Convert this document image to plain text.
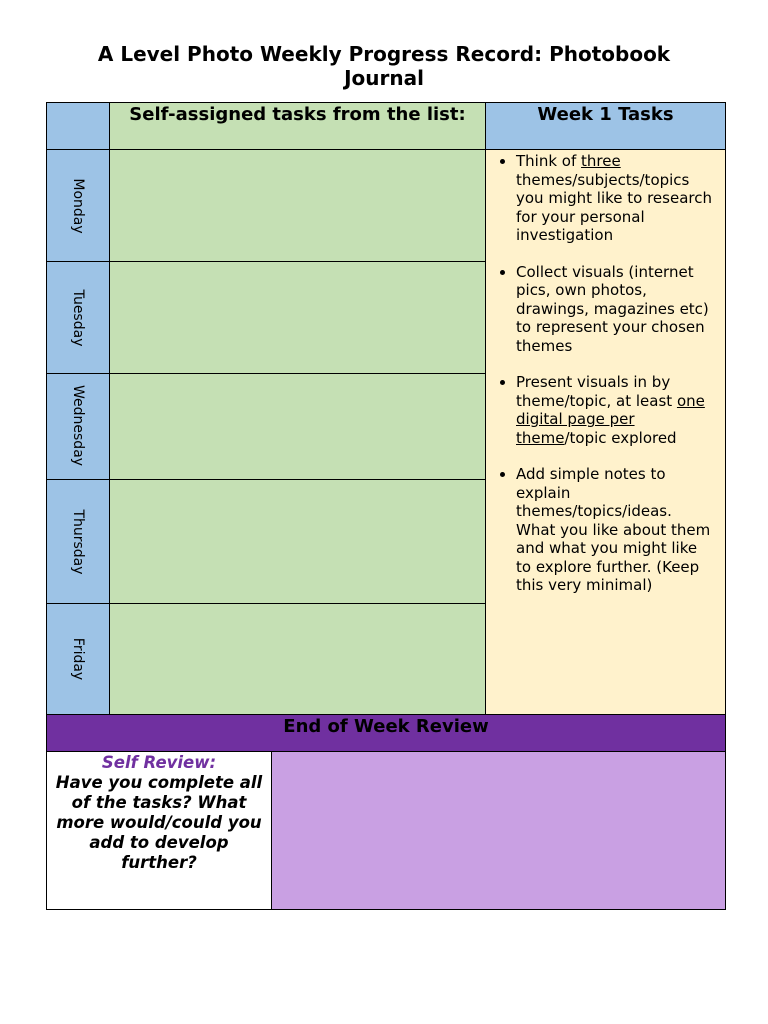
A Level Photo Weekly Progress Record: Photobook Journal
Self-assigned tasks from the list:	Week 1 Tasks
Monday
Tuesday
Wednesday
Thursday
Friday
• Think of three themes/subjects/topics you might like to research for your personal investigation
• Collect visuals (internet pics, own photos, drawings, magazines etc) to represent your chosen themes
• Present visuals in by theme/topic, at least one digital page per theme/topic explored
• Add simple notes to explain themes/topics/ideas. What you like about them and what you might like to explore further. (Keep this very minimal)
End of Week Review
Self Review:
Have you complete all of the tasks? What more would/could you add to develop further?
